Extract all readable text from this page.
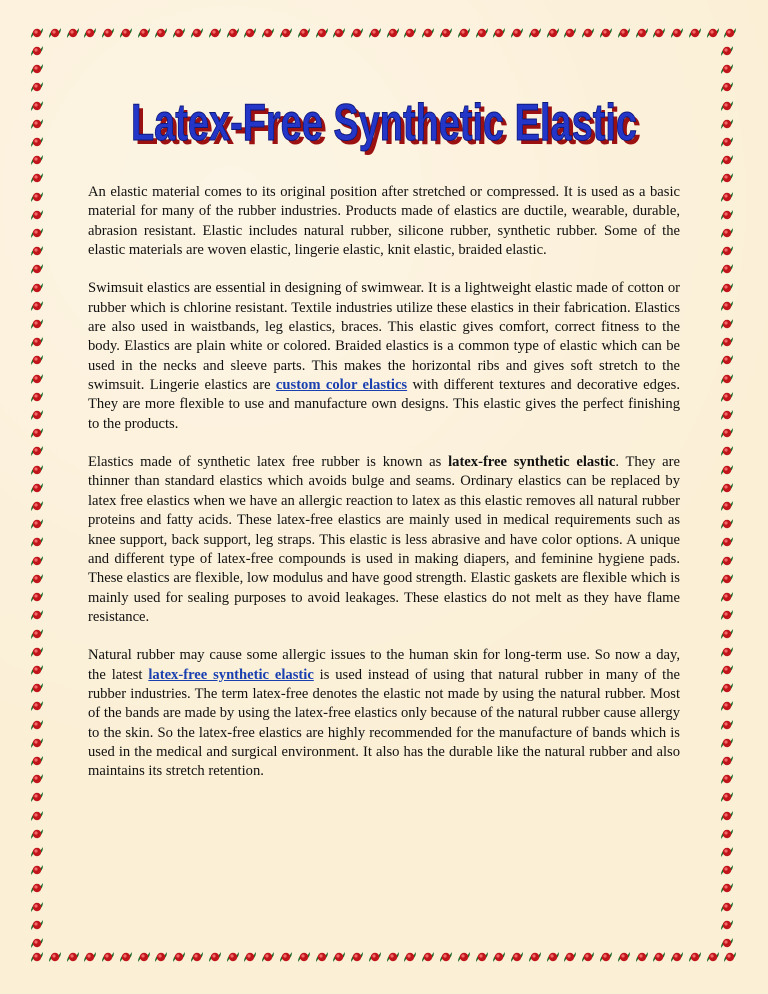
Latex-Free Synthetic Elastic
Latex-Free Synthetic Elastic

An elastic material comes to its original position after stretched or compressed. It is used as a basic material for many of the rubber industries. Products made of elastics are ductile, wearable, durable, abrasion resistant. Elastic includes natural rubber, silicone rubber, synthetic rubber. Some of the elastic materials are woven elastic, lingerie elastic, knit elastic, braided elastic.

Swimsuit elastics are essential in designing of swimwear. It is a lightweight elastic made of cotton or rubber which is chlorine resistant. Textile industries utilize these elastics in their fabrication. Elastics are also used in waistbands, leg elastics, braces. This elastic gives comfort, correct fitness to the body. Elastics are plain white or colored. Braided elastics is a common type of elastic which can be used in the necks and sleeve parts. This makes the horizontal ribs and gives soft stretch to the swimsuit. Lingerie elastics are custom color elastics with different textures and decorative edges. They are more flexible to use and manufacture own designs. This elastic gives the perfect finishing to the products.

Elastics made of synthetic latex free rubber is known as latex-free synthetic elastic. They are thinner than standard elastics which avoids bulge and seams. Ordinary elastics can be replaced by latex free elastics when we have an allergic reaction to latex as this elastic removes all natural rubber proteins and fatty acids. These latex-free elastics are mainly used in medical requirements such as knee support, back support, leg straps. This elastic is less abrasive and have color options. A unique and different type of latex-free compounds is used in making diapers, and feminine hygiene pads. These elastics are flexible, low modulus and have good strength. Elastic gaskets are flexible which is mainly used for sealing purposes to avoid leakages. These elastics do not melt as they have flame resistance.

Natural rubber may cause some allergic issues to the human skin for long-term use. So now a day, the latest latex-free synthetic elastic is used instead of using that natural rubber in many of the rubber industries. The term latex-free denotes the elastic not made by using the natural rubber. Most of the bands are made by using the latex-free elastics only because of the natural rubber cause allergy to the skin. So the latex-free elastics are highly recommended for the manufacture of bands which is used in the medical and surgical environment. It also has the durable like the natural rubber and also maintains its stretch retention.
